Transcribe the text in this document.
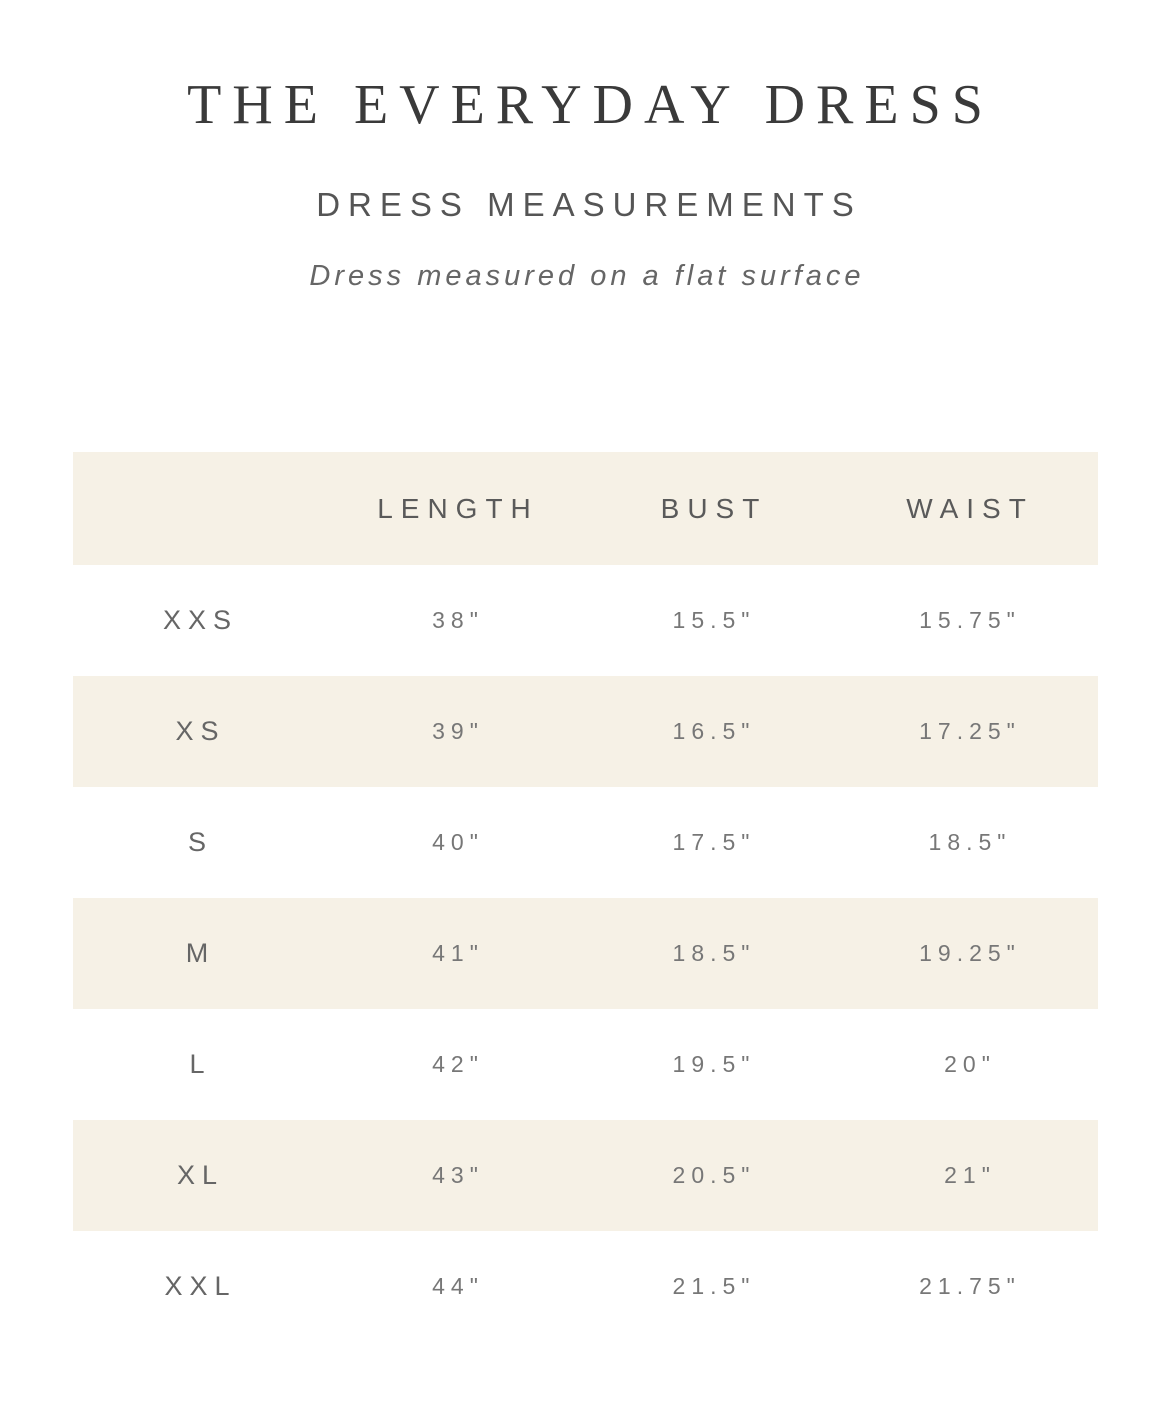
THE EVERYDAY DRESS
DRESS MEASUREMENTS
Dress measured on a flat surface
	LENGTH	BUST	WAIST
XXS	38"	15.5"	15.75"
XS	39"	16.5"	17.25"
S	40"	17.5"	18.5"
M	41"	18.5"	19.25"
L	42"	19.5"	20"
XL	43"	20.5"	21"
XXL	44"	21.5"	21.75"
